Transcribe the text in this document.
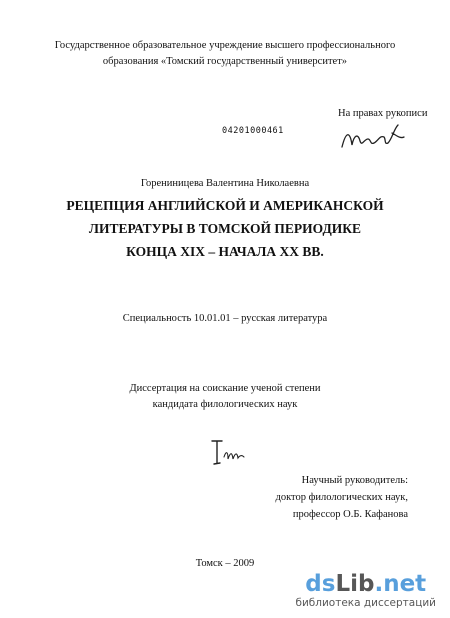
Государственное образовательное учреждение высшего профессионального
образования «Томский государственный университет»
На правах рукописи
04201000461
Горениницева Валентина Николаевна
РЕЦЕПЦИЯ АНГЛИЙСКОЙ И АМЕРИКАНСКОЙ
ЛИТЕРАТУРЫ В ТОМСКОЙ ПЕРИОДИКЕ
КОНЦА XIX – НАЧАЛА XX ВВ.
Специальность 10.01.01 – русская литература
Диссертация на соискание ученой степени
кандидата филологических наук
Научный руководитель:
доктор филологических наук,
профессор О.Б. Кафанова
Томск – 2009
dsLib.net
библиотека диссертаций
